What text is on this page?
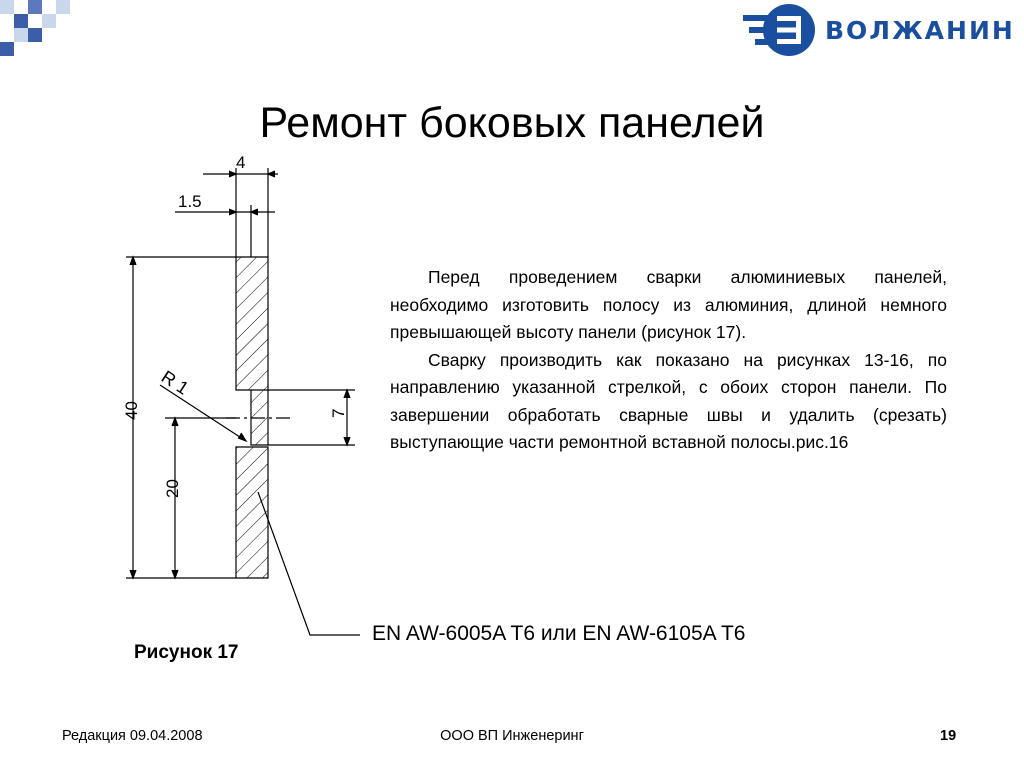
ВОЛЖАНИН
Ремонт боковых панелей
4
1.5
40
20
7
R 1

Перед проведением сварки алюминиевых панелей, необходимо изготовить полосу из алюминия, длиной немного превышающей высоту панели (рисунок 17).

Сварку производить как показано на рисунках 13-16, по направлению указанной стрелкой, с обоих сторон панели. По завершении обработать сварные швы и удалить (срезать) выступающие части ремонтной вставной полосы.рис.16

EN AW-6005A T6 или EN AW-6105A T6
Рисунок 17
Редакция 09.04.2008	ООО ВП Инженеринг	19
